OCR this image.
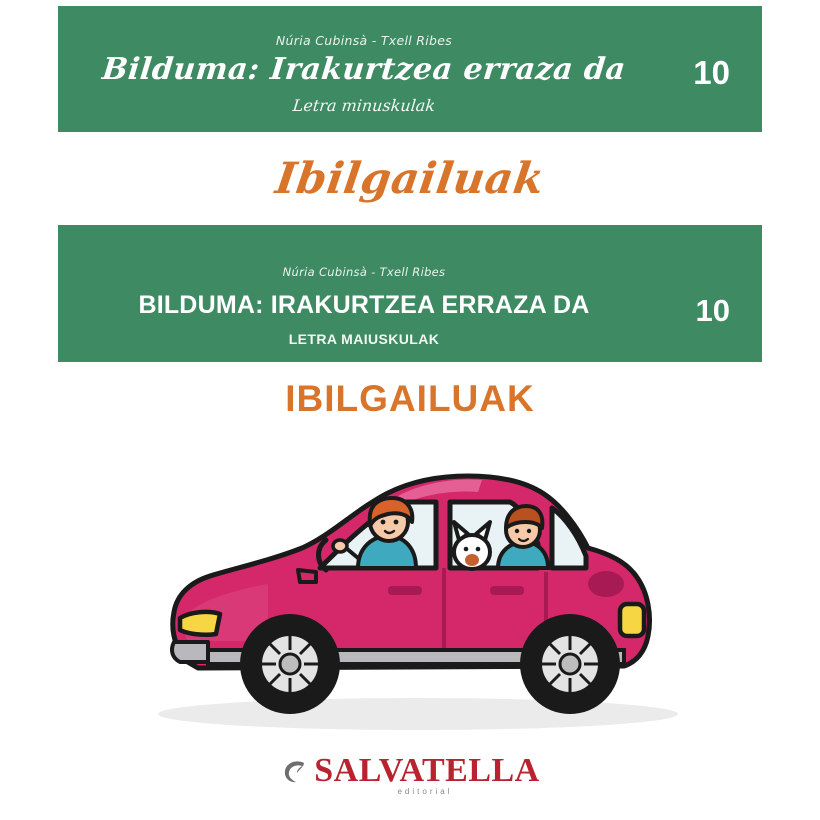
Núria Cubinsà - Txell Ribes
Bilduma: Irakurtzea erraza da
Letra minuskulak
10
Ibilgailuak
Núria Cubinsà - Txell Ribes
BILDUMA: IRAKURTZEA ERRAZA DA
LETRA MAIUSKULAK
10
IBILGAILUAK
SALVATELLA
editorial
